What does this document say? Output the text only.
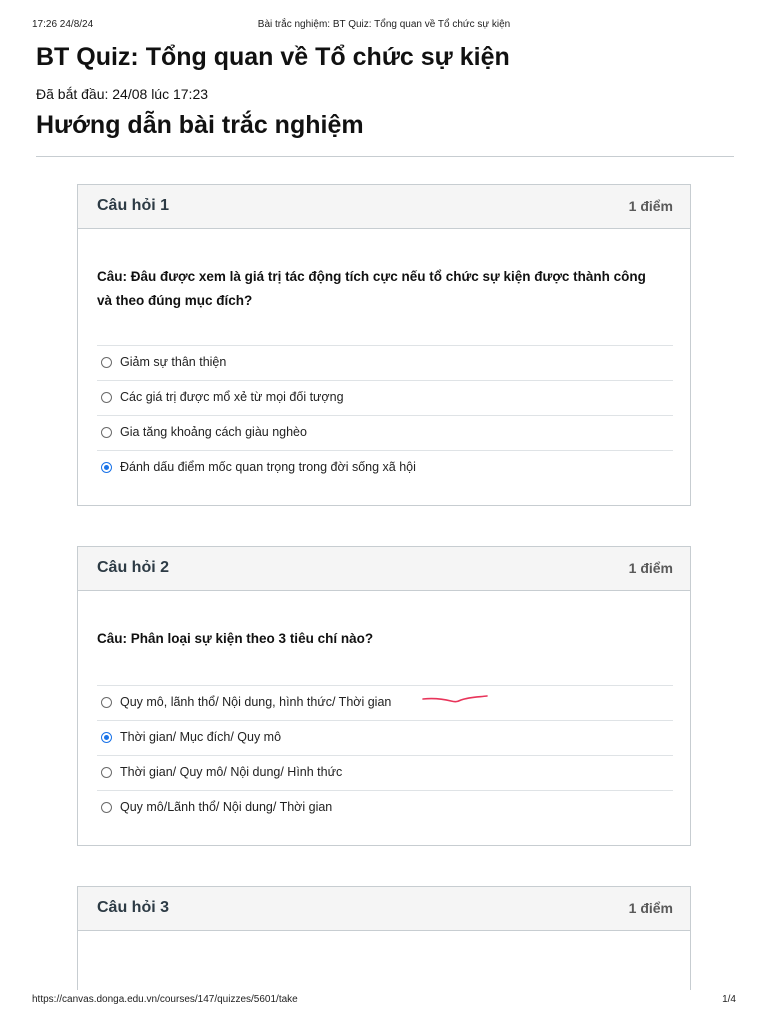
17:26 24/8/24	Bài trắc nghiệm: BT Quiz: Tổng quan về Tổ chức sự kiện
BT Quiz: Tổng quan về Tổ chức sự kiện
Đã bắt đầu: 24/08 lúc 17:23
Hướng dẫn bài trắc nghiệm
Câu hỏi 1	1 điểm
Câu: Đâu được xem là giá trị tác động tích cực nếu tổ chức sự kiện được thành công và theo đúng mục đích?
Giảm sự thân thiện
Các giá trị được mổ xẻ từ mọi đối tượng
Gia tăng khoảng cách giàu nghèo
Đánh dấu điểm mốc quan trọng trong đời sống xã hội
Câu hỏi 2	1 điểm
Câu: Phân loại sự kiện theo 3 tiêu chí nào?
Quy mô, lãnh thổ/ Nội dung, hình thức/ Thời gian
Thời gian/ Mục đích/ Quy mô
Thời gian/ Quy mô/ Nội dung/ Hình thức
Quy mô/Lãnh thổ/ Nội dung/ Thời gian
Câu hỏi 3	1 điểm
https://canvas.donga.edu.vn/courses/147/quizzes/5601/take	1/4
